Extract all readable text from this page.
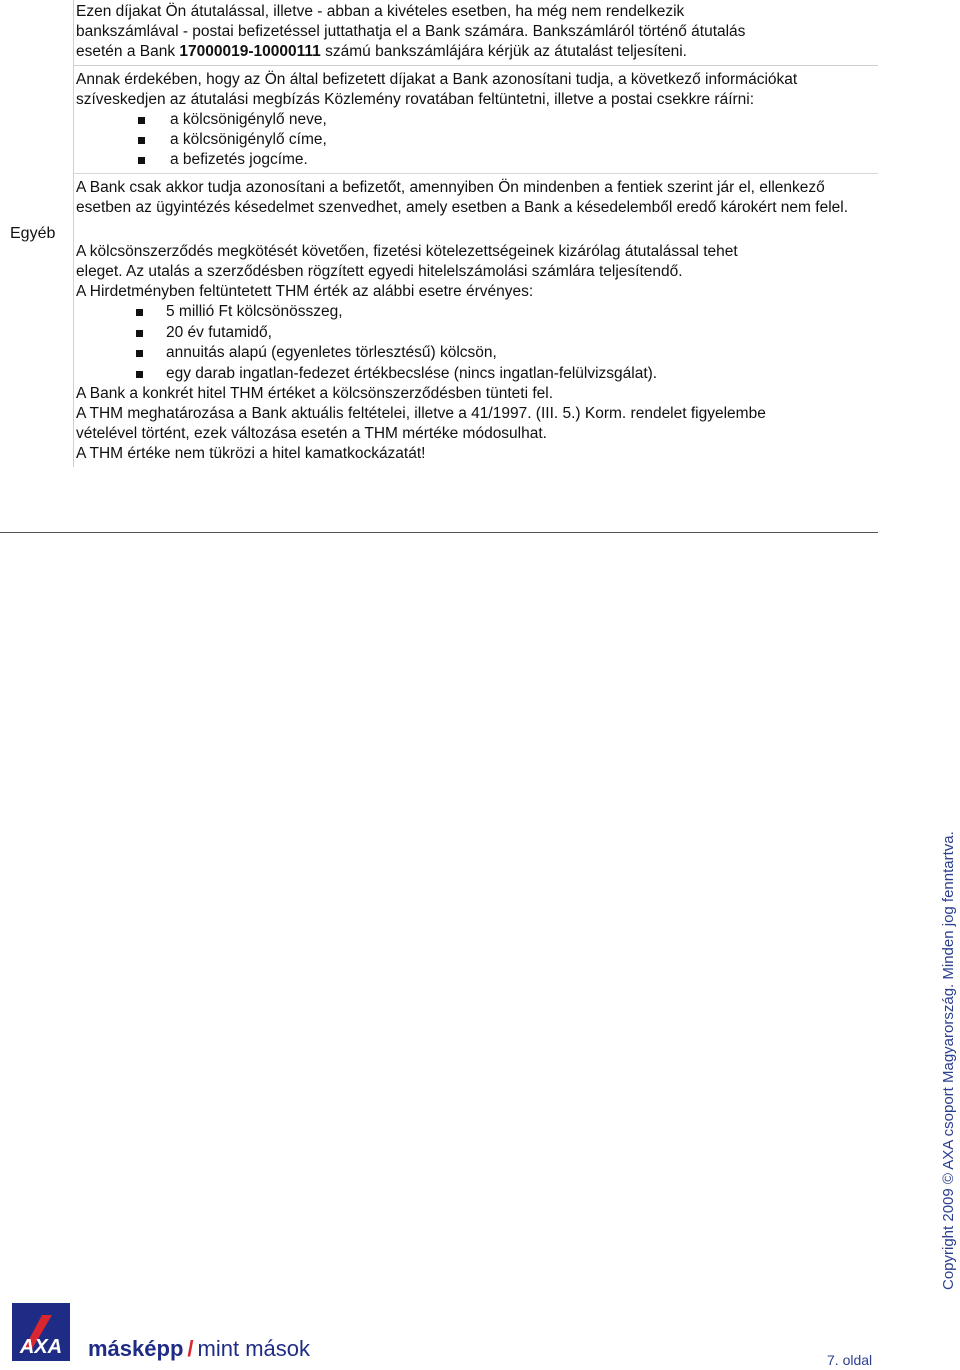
Egyéb

Ezen díjakat Ön átutalással, illetve - abban a kivételes esetben, ha még nem rendelkezik

bankszámlával - postai befizetéssel juttathatja el a Bank számára. Bankszámláról történő átutalás

esetén a Bank 17000019-10000111 számú bankszámlájára kérjük az átutalást teljesíteni.

Annak érdekében, hogy az Ön által befizetett díjakat a Bank azonosítani tudja, a következő információkat szíveskedjen az átutalási megbízás Közlemény rovatában feltüntetni, illetve a postai csekkre ráírni:

a kölcsönigénylő neve,
a kölcsönigénylő címe,
a befizetés jogcíme.

A Bank csak akkor tudja azonosítani a befizetőt, amennyiben Ön mindenben a fentiek szerint jár el, ellenkező esetben az ügyintézés késedelmet szenvedhet, amely esetben a Bank a késedelemből eredő károkért nem felel.

A kölcsönszerződés megkötését követően, fizetési kötelezettségeinek kizárólag átutalással tehet

eleget. Az utalás a szerződésben rögzített egyedi hitelelszámolási számlára teljesítendő.

A Hirdetményben feltüntetett THM érték az alábbi esetre érvényes:

5 millió Ft kölcsönösszeg,
20 év futamidő,
annuitás alapú (egyenletes törlesztésű) kölcsön,
egy darab ingatlan-fedezet értékbecslése (nincs ingatlan-felülvizsgálat).

A Bank a konkrét hitel THM értéket a kölcsönszerződésben tünteti fel.

A THM meghatározása a Bank aktuális feltételei, illetve a 41/1997. (III. 5.) Korm. rendelet figyelembe

vételével történt, ezek változása esetén a THM mértéke módosulhat.

A THM értéke nem tükrözi a hitel kamatkockázatát!

Copyright 2009 © AXA csoport Magyarország. Minden jog fenntartva.
AXA másképp / mint mások	7. oldal
